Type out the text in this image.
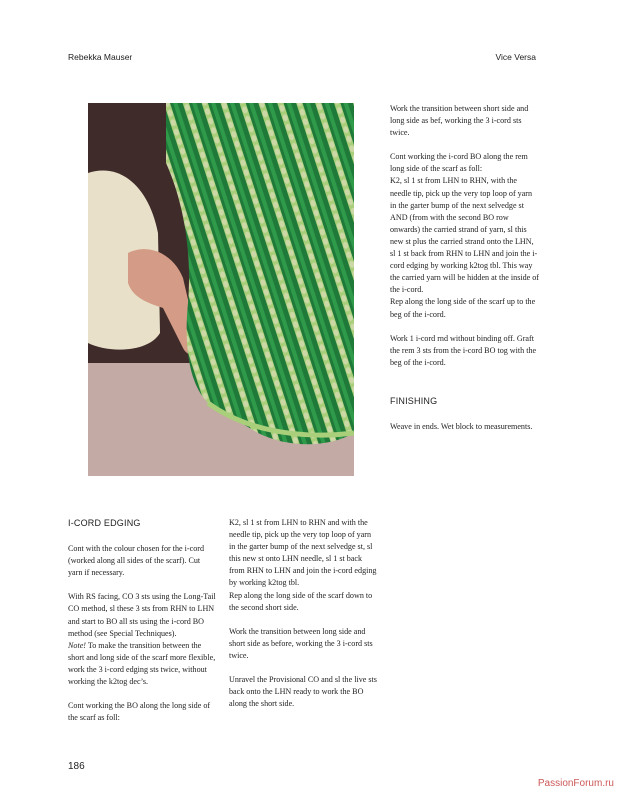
Rebekka Mauser	Vice Versa

Work the transition between short side and long side as bef, working the 3 i-cord sts twice.

Cont working the i-cord BO along the rem long side of the scarf as foll:
K2, sl 1 st from LHN to RHN, with the needle tip, pick up the very top loop of yarn in the garter bump of the next selvedge st AND (from with the second BO row onwards) the carried strand of yarn, sl this new st plus the carried strand onto the LHN, sl 1 st back from RHN to LHN and join the i-cord edging by working k2tog tbl. This way the carried yarn will be hidden at the inside of the i-cord.
Rep along the long side of the scarf up to the beg of the i-cord.

Work 1 i-cord rnd without binding off. Graft the rem 3 sts from the i-cord BO tog with the beg of the i-cord.

FINISHING

Weave in ends. Wet block to measurements.

I-CORD EDGING

Cont with the colour chosen for the i-cord (worked along all sides of the scarf). Cut yarn if necessary.

With RS facing, CO 3 sts using the Long-Tail CO method, sl these 3 sts from RHN to LHN and start to BO all sts using the i-cord BO method (see Special Techniques).
Note! To make the transition between the short and long side of the scarf more flexible, work the 3 i-cord edging sts twice, without working the k2tog dec’s.

Cont working the BO along the long side of the scarf as foll:

K2, sl 1 st from LHN to RHN and with the needle tip, pick up the very top loop of yarn in the garter bump of the next selvedge st, sl this new st onto LHN needle, sl 1 st back from RHN to LHN and join the i-cord edging by working k2tog tbl.
Rep along the long side of the scarf down to the second short side.

Work the transition between long side and short side as before, working the 3 i-cord sts twice.

Unravel the Provisional CO and sl the live sts back onto the LHN ready to work the BO along the short side.

186
PassionForum.ru
